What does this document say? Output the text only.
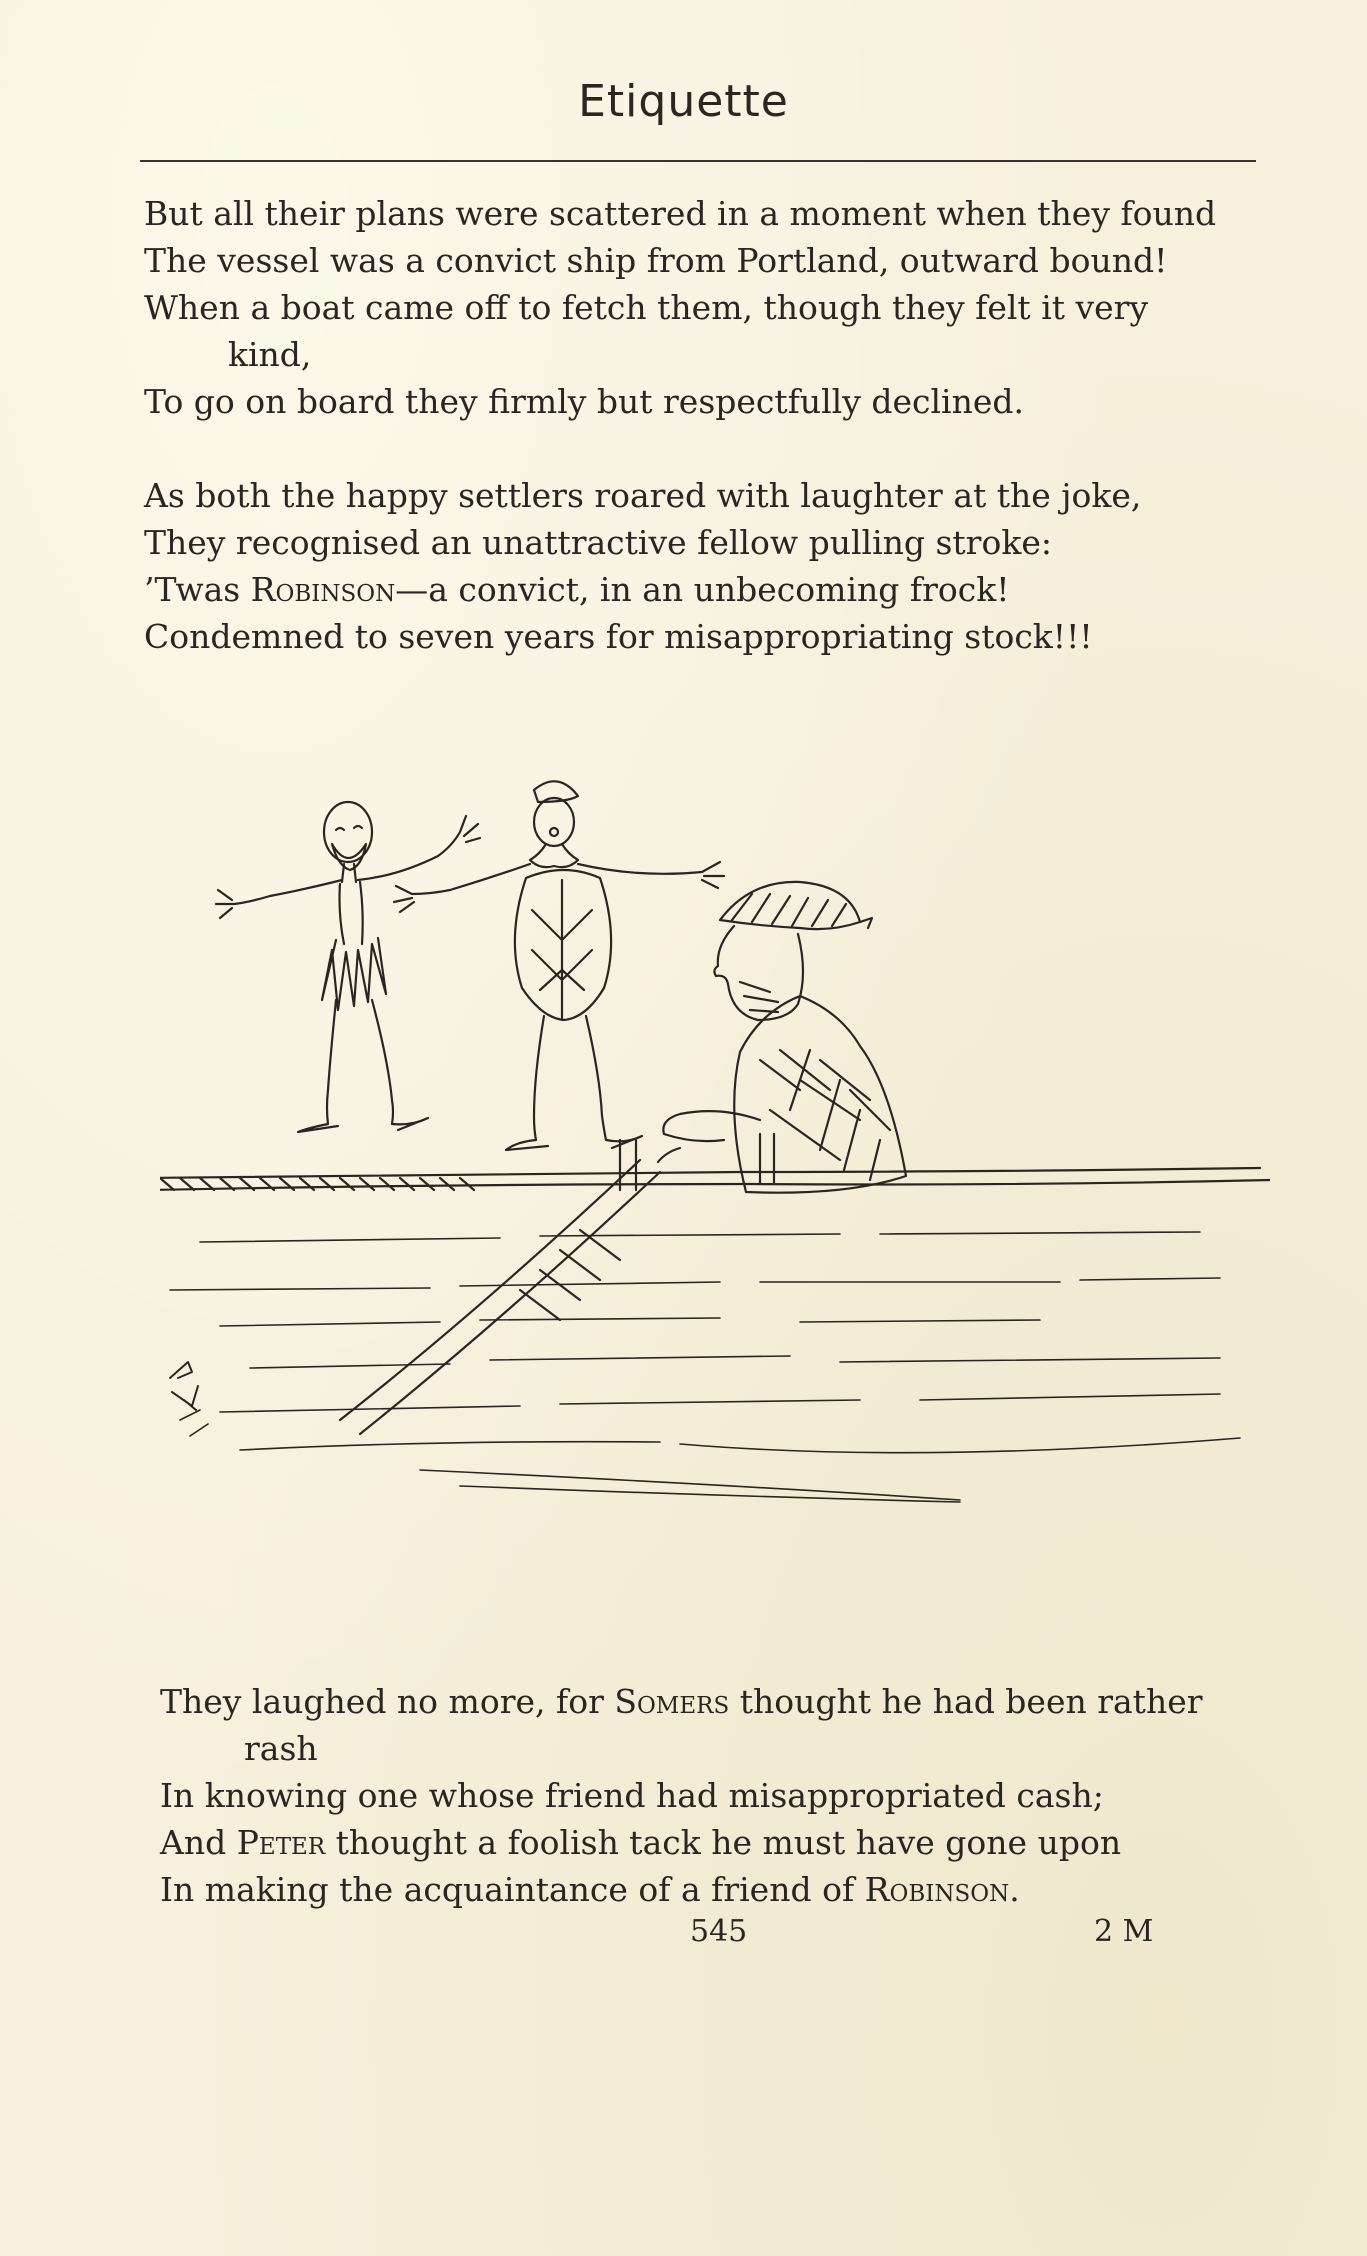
Etiquette
But all their plans were scattered in a moment when they found
The vessel was a convict ship from Portland, outward bound!
When a boat came off to fetch them, though they felt it very
kind,
To go on board they firmly but respectfully declined.
As both the happy settlers roared with laughter at the joke,
They recognised an unattractive fellow pulling stroke:
’Twas Robinson—a convict, in an unbecoming frock!
Condemned to seven years for misappropriating stock!!!
They laughed no more, for Somers thought he had been rather
rash
In knowing one whose friend had misappropriated cash;
And Peter thought a foolish tack he must have gone upon
In making the acquaintance of a friend of Robinson.
545	2 M
